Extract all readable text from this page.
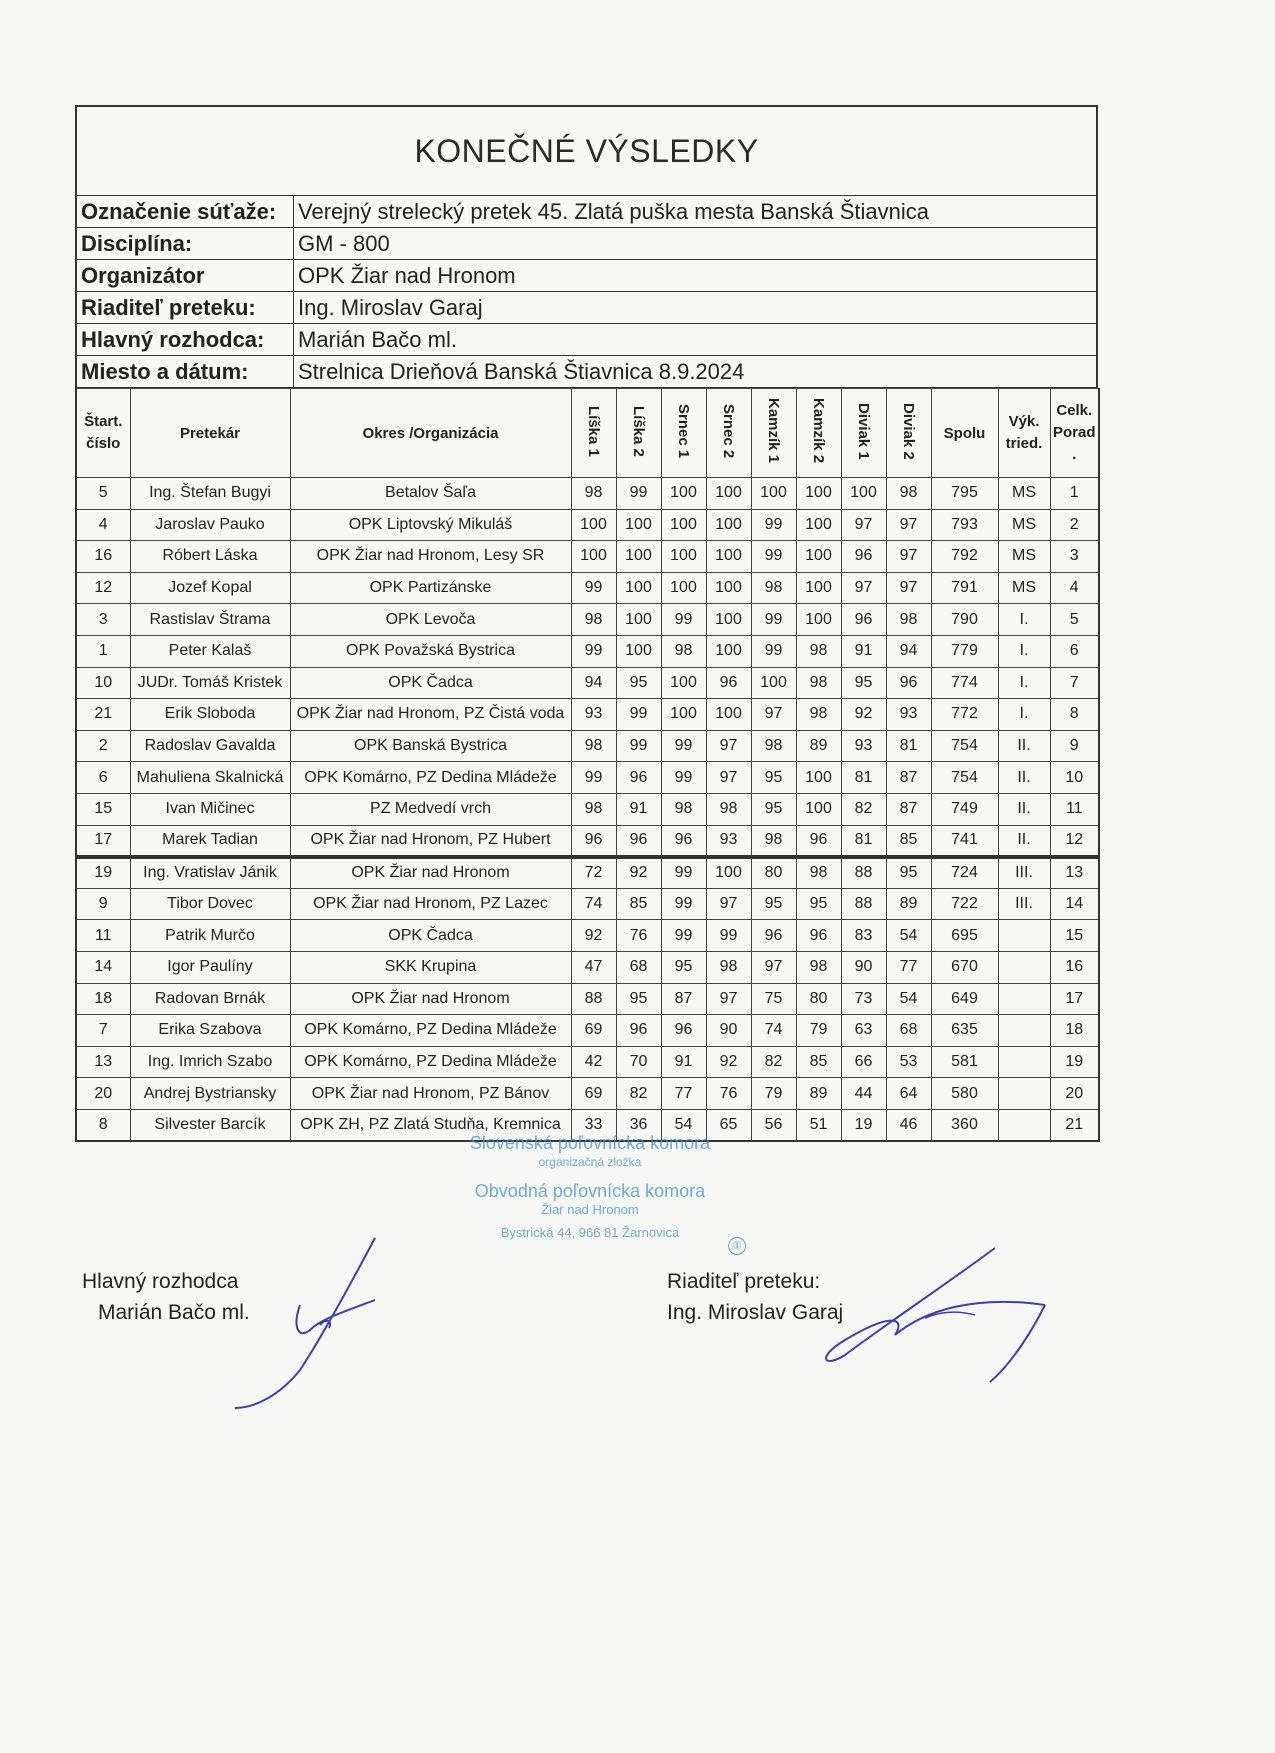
KONEČNÉ VÝSLEDKY
Označenie súťaže: Verejný strelecký pretek 45. Zlatá puška mesta Banská Štiavnica
Disciplína:	GM - 800
Organizátor	OPK Žiar nad Hronom
Riaditeľ preteku:	Ing. Miroslav Garaj
Hlavný rozhodca:	Marián Bačo ml.
Miesto a dátum:	Strelnica Drieňová Banská Štiavnica 8.9.2024
Štart. číslo	Pretekár	Okres /Organizácia	Líška 1	Líška 2	Srnec 1	Srnec 2	Kamzík 1	Kamzík 2	Diviak 1	Diviak 2	Spolu	Výk. tried.	Celk. Porad .
5	Ing. Štefan Bugyi	Betalov Šaľa	98	99	100	100	100	100	100	98	795	MS	1
4	Jaroslav Pauko	OPK Liptovský Mikuláš	100	100	100	100	99	100	97	97	793	MS	2
16	Róbert Láska	OPK Žiar nad Hronom, Lesy SR	100	100	100	100	99	100	96	97	792	MS	3
12	Jozef Kopal	OPK Partizánske	99	100	100	100	98	100	97	97	791	MS	4
3	Rastislav Štrama	OPK Levoča	98	100	99	100	99	100	96	98	790	I.	5
1	Peter Kalaš	OPK Považská Bystrica	99	100	98	100	99	98	91	94	779	I.	6
10	JUDr. Tomáš Kristek	OPK Čadca	94	95	100	96	100	98	95	96	774	I.	7
21	Erik Sloboda	OPK Žiar nad Hronom, PZ Čistá voda	93	99	100	100	97	98	92	93	772	I.	8
2	Radoslav Gavalda	OPK Banská Bystrica	98	99	99	97	98	89	93	81	754	II.	9
6	Mahuliena Skalnická	OPK Komárno, PZ Dedina Mládeže	99	96	99	97	95	100	81	87	754	II.	10
15	Ivan Mičinec	PZ Medvedí vrch	98	91	98	98	95	100	82	87	749	II.	11
17	Marek Tadian	OPK Žiar nad Hronom, PZ Hubert	96	96	96	93	98	96	81	85	741	II.	12
19	Ing. Vratislav Jánik	OPK Žiar nad Hronom	72	92	99	100	80	98	88	95	724	III.	13
9	Tibor Dovec	OPK Žiar nad Hronom, PZ Lazec	74	85	99	97	95	95	88	89	722	III.	14
11	Patrik Murčo	OPK Čadca	92	76	99	99	96	96	83	54	695		15
14	Igor Paulíny	SKK Krupina	47	68	95	98	97	98	90	77	670		16
18	Radovan Brnák	OPK Žiar nad Hronom	88	95	87	97	75	80	73	54	649		17
7	Erika Szabova	OPK Komárno, PZ Dedina Mládeže	69	96	96	90	74	79	63	68	635		18
13	Ing. Imrich Szabo	OPK Komárno, PZ Dedina Mládeže	42	70	91	92	82	85	66	53	581		19
20	Andrej Bystriansky	OPK Žiar nad Hronom, PZ Bánov	69	82	77	76	79	89	44	64	580		20
8	Silvester Barcík	OPK ZH, PZ Zlatá Studňa, Kremnica	33	36	54	65	56	51	19	46	360		21
Slovenská poľovnícka komora
organizačná zložka
Obvodná poľovnícka komora
Žiar nad Hronom
Bystrická 44, 966 81 Žarnovica
①
Hlavný rozhodca
Marián Bačo ml.
Riaditeľ preteku:
Ing. Miroslav Garaj
